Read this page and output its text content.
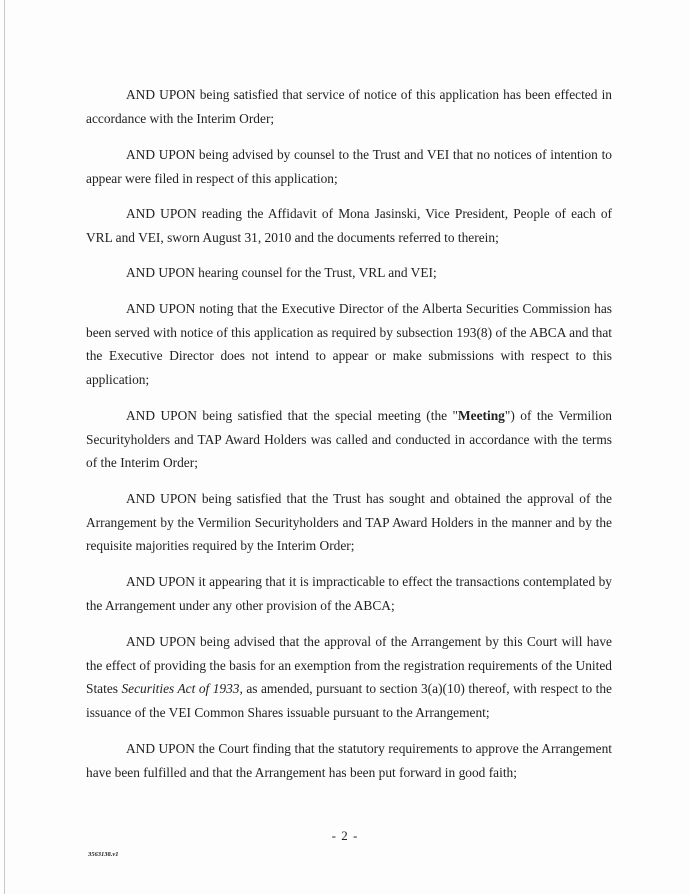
AND UPON being satisfied that service of notice of this application has been effected in accordance with the Interim Order;

AND UPON being advised by counsel to the Trust and VEI that no notices of intention to appear were filed in respect of this application;

AND UPON reading the Affidavit of Mona Jasinski, Vice President, People of each of VRL and VEI, sworn August 31, 2010 and the documents referred to therein;

AND UPON hearing counsel for the Trust, VRL and VEI;

AND UPON noting that the Executive Director of the Alberta Securities Commission has been served with notice of this application as required by subsection 193(8) of the ABCA and that the Executive Director does not intend to appear or make submissions with respect to this application;

AND UPON being satisfied that the special meeting (the "Meeting") of the Vermilion Securityholders and TAP Award Holders was called and conducted in accordance with the terms of the Interim Order;

AND UPON being satisfied that the Trust has sought and obtained the approval of the Arrangement by the Vermilion Securityholders and TAP Award Holders in the manner and by the requisite majorities required by the Interim Order;

AND UPON it appearing that it is impracticable to effect the transactions contemplated by the Arrangement under any other provision of the ABCA;

AND UPON being advised that the approval of the Arrangement by this Court will have the effect of providing the basis for an exemption from the registration requirements of the United States Securities Act of 1933, as amended, pursuant to section 3(a)(10) thereof, with respect to the issuance of the VEI Common Shares issuable pursuant to the Arrangement;

AND UPON the Court finding that the statutory requirements to approve the Arrangement have been fulfilled and that the Arrangement has been put forward in good faith;

- 2 -
3563138.v1
